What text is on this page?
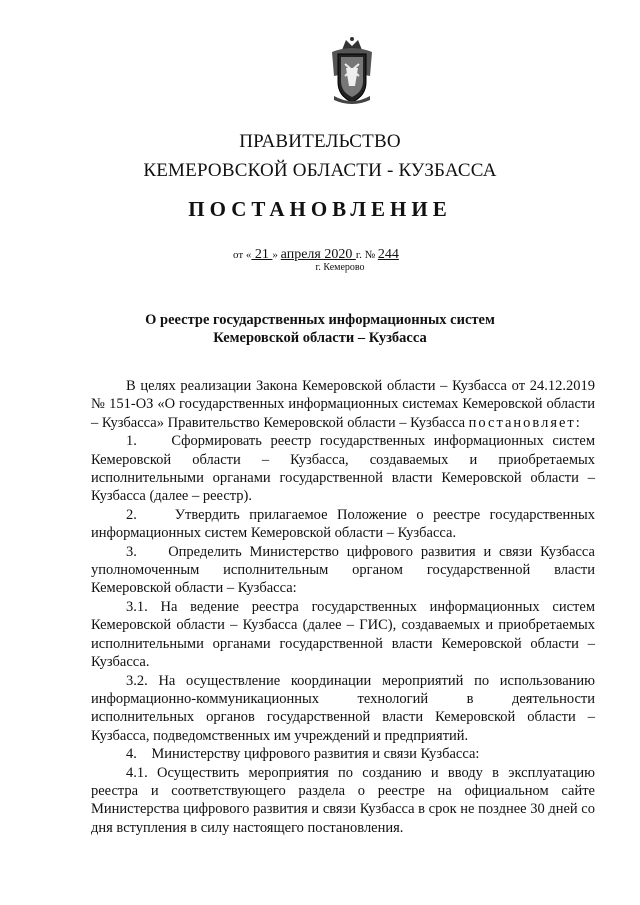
ПРАВИТЕЛЬСТВО
КЕМЕРОВСКОЙ ОБЛАСТИ - КУЗБАССА
ПОСТАНОВЛЕНИЕ
от « 21 » апреля 2020 г. № 244
г. Кемерово
О реестре государственных информационных систем
Кемеровской области – Кузбасса

В целях реализации Закона Кемеровской области – Кузбасса от 24.12.2019 № 151-ОЗ «О государственных информационных системах Кемеровской области – Кузбасса» Правительство Кемеровской области – Кузбасса постановляет:

1.    Сформировать реестр государственных информационных систем Кемеровской области – Кузбасса, создаваемых и приобретаемых исполнительными органами государственной власти Кемеровской области – Кузбасса (далее – реестр).

2.    Утвердить прилагаемое Положение о реестре государственных информационных систем Кемеровской области – Кузбасса.

3.    Определить Министерство цифрового развития и связи Кузбасса уполномоченным исполнительным органом государственной власти Кемеровской области – Кузбасса:

3.1. На ведение реестра государственных информационных систем Кемеровской области – Кузбасса (далее – ГИС), создаваемых и приобретаемых исполнительными органами государственной власти Кемеровской области – Кузбасса.

3.2. На осуществление координации мероприятий по использованию информационно-коммуникационных технологий в деятельности исполнительных органов государственной власти Кемеровской области – Кузбасса, подведомственных им учреждений и предприятий.

4.    Министерству цифрового развития и связи Кузбасса:

4.1. Осуществить мероприятия по созданию и вводу в эксплуатацию реестра и соответствующего раздела о реестре на официальном сайте Министерства цифрового развития и связи Кузбасса в срок не позднее 30 дней со дня вступления в силу настоящего постановления.
